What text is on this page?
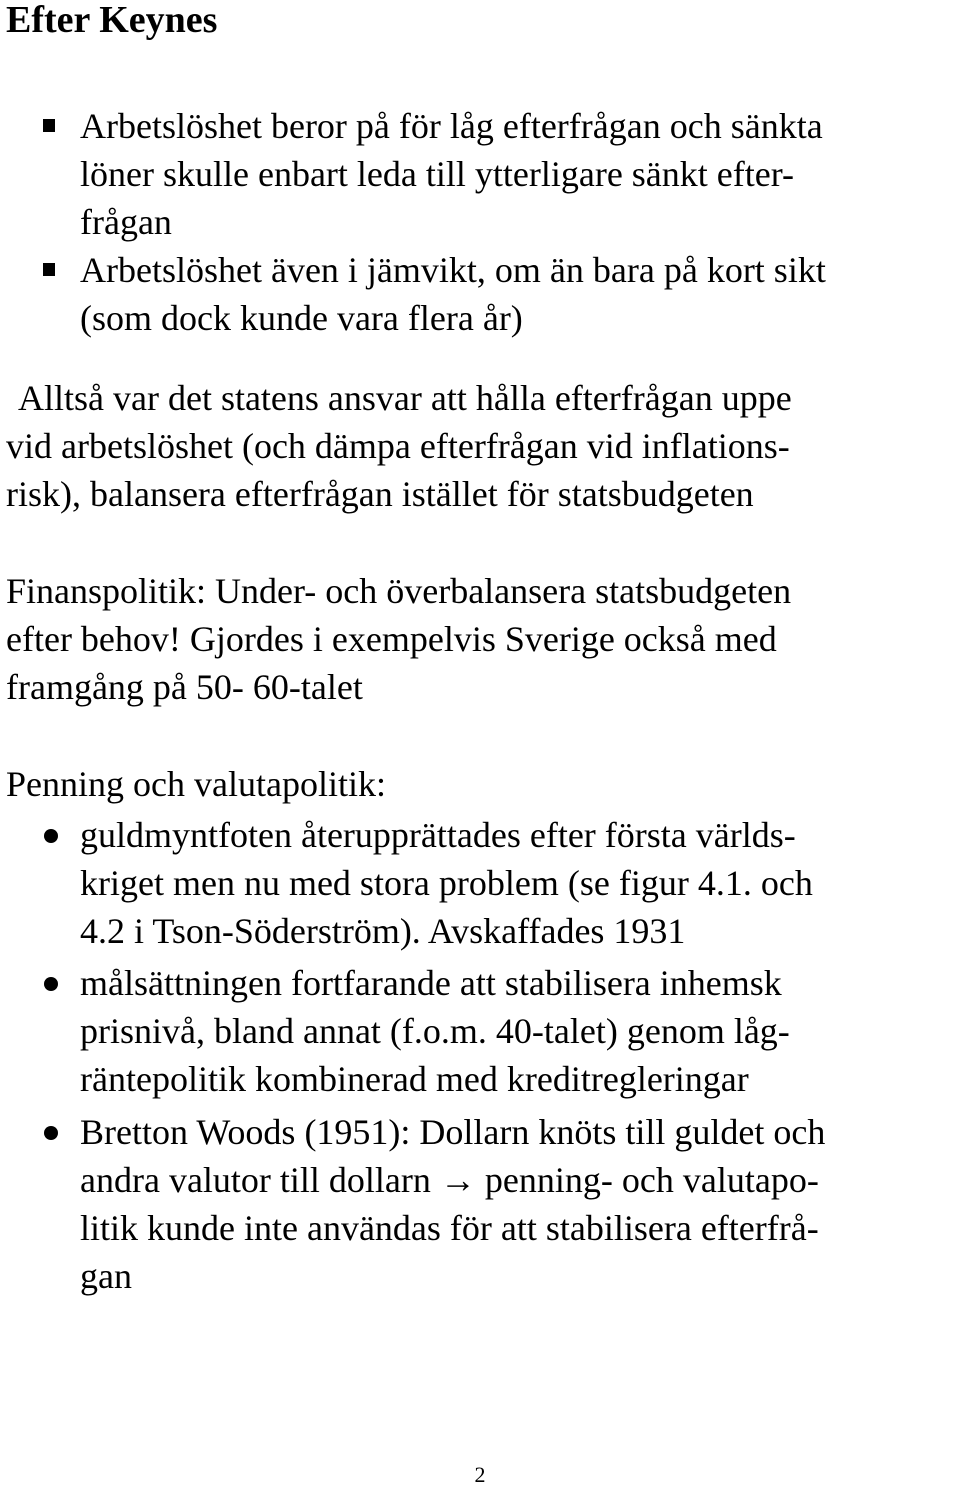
Efter Keynes
Arbetslöshet beror på för låg efterfrågan och sänkta
löner skulle enbart leda till ytterligare sänkt efter-
frågan
Arbetslöshet även i jämvikt, om än bara på kort sikt
(som dock kunde vara flera år)
Alltså var det statens ansvar att hålla efterfrågan uppe
vid arbetslöshet (och dämpa efterfrågan vid inflations-
risk), balansera efterfrågan istället för statsbudgeten
Finanspolitik: Under- och överbalansera statsbudgeten
efter behov! Gjordes i exempelvis Sverige också med
framgång på 50- 60-talet
Penning och valutapolitik:
guldmyntfoten återupprättades efter första världs-
kriget men nu med stora problem (se figur 4.1. och
4.2 i Tson-Söderström). Avskaffades 1931
målsättningen fortfarande att stabilisera inhemsk
prisnivå, bland annat (f.o.m. 40-talet) genom låg-
räntepolitik kombinerad med kreditregleringar
Bretton Woods (1951): Dollarn knöts till guldet och
andra valutor till dollarn → penning- och valutapo-
litik kunde inte användas för att stabilisera efterfrå-
gan
2
